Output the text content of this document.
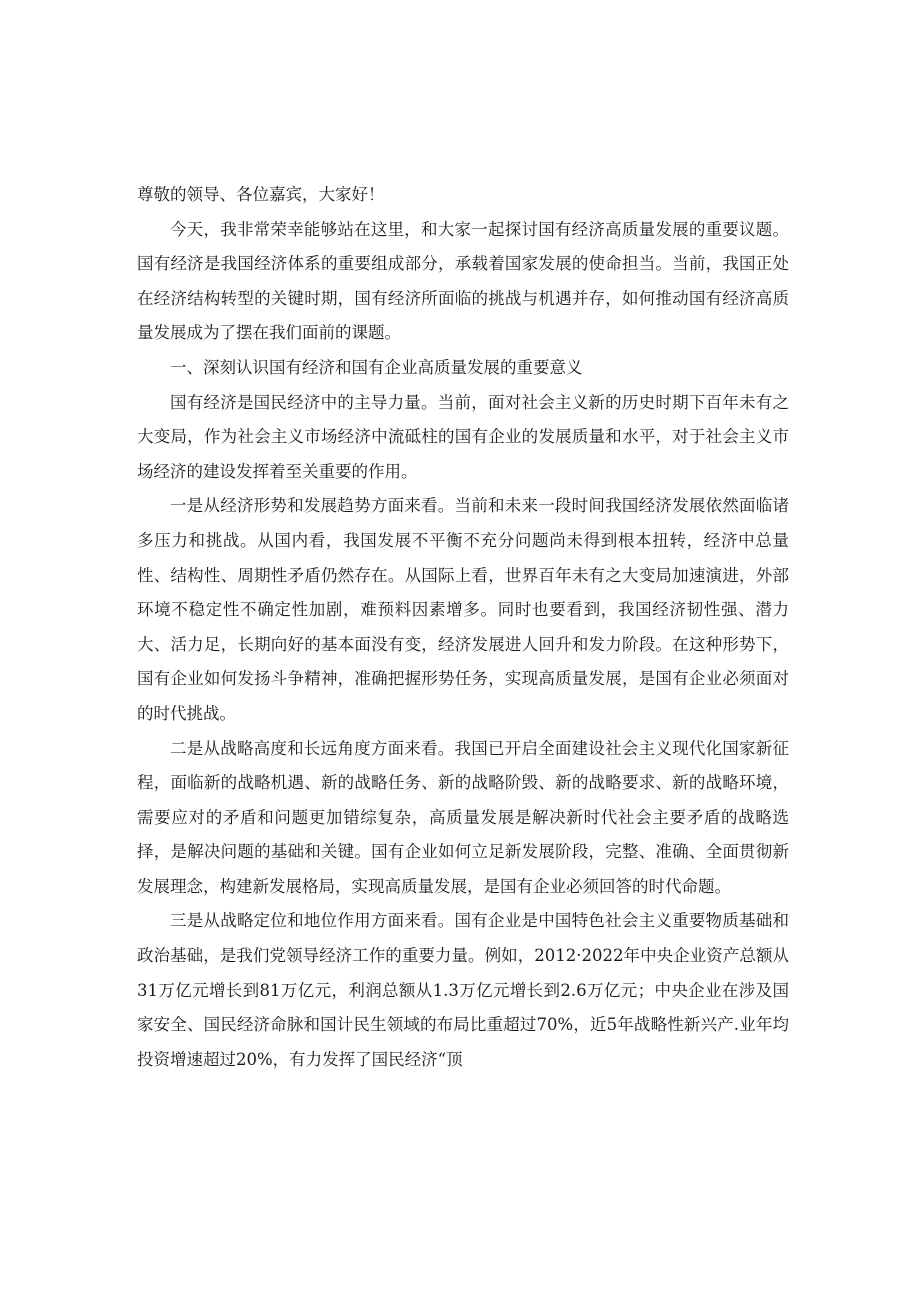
尊敬的领导、各位嘉宾，大家好！

今天，我非常荣幸能够站在这里，和大家一起探讨国有经济高质量发展的重要议题。国有经济是我国经济体系的重要组成部分，承载着国家发展的使命担当。当前，我国正处在经济结构转型的关键时期，国有经济所面临的挑战与机遇并存，如何推动国有经济高质量发展成为了摆在我们面前的课题。

一、深刻认识国有经济和国有企业高质量发展的重要意义

国有经济是国民经济中的主导力量。当前，面对社会主义新的历史时期下百年未有之大变局，作为社会主义市场经济中流砥柱的国有企业的发展质量和水平，对于社会主义市场经济的建设发挥着至关重要的作用。

一是从经济形势和发展趋势方面来看。当前和未来一段时间我国经济发展依然面临诸多压力和挑战。从国内看，我国发展不平衡不充分问题尚未得到根本扭转，经济中总量性、结构性、周期性矛盾仍然存在。从国际上看，世界百年未有之大变局加速演进，外部环境不稳定性不确定性加剧，难预料因素增多。同时也要看到，我国经济韧性强、潜力大、活力足，长期向好的基本面没有变，经济发展进人回升和发力阶段。在这种形势下，国有企业如何发扬斗争精神，准确把握形势任务，实现高质量发展，是国有企业必须面对的时代挑战。

二是从战略高度和长远角度方面来看。我国已开启全面建设社会主义现代化国家新征程，面临新的战略机遇、新的战略任务、新的战略阶毁、新的战略要求、新的战略环境，需要应对的矛盾和问题更加错综复杂，高质量发展是解决新时代社会主要矛盾的战略选择，是解决问题的基础和关键。国有企业如何立足新发展阶段，完整、准确、全面贯彻新发展理念，构建新发展格局，实现高质量发展，是国有企业必须回答的时代命题。

三是从战略定位和地位作用方面来看。国有企业是中国特色社会主义重要物质基础和政治基础，是我们党领导经济工作的重要力量。例如，2012·2022年中央企业资产总额从31万亿元增长到81万亿元，利润总额从1.3万亿元增长到2.6万亿元；中央企业在涉及国家安全、国民经济命脉和国计民生领域的布局比重超过70%，近5年战略性新兴产.业年均投资增速超过20%，有力发挥了国民经济“顶
